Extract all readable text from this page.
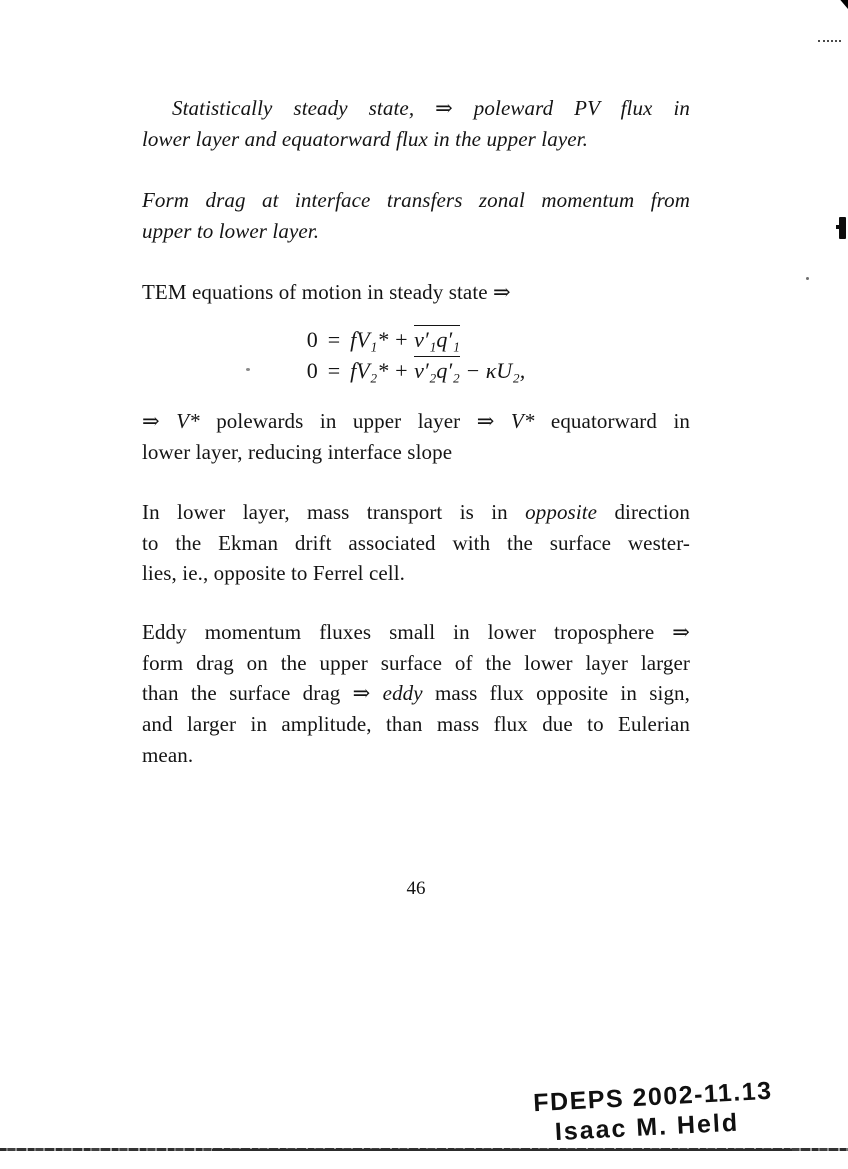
Statistically steady state, ⇒ poleward PV flux in
lower layer and equatorward flux in the upper layer.

Form drag at interface transfers zonal momentum from
upper to lower layer.

TEM equations of motion in steady state ⇒

0 = fV₁* + v′₁q′₁
0 = fV₂* + v′₂q′₂ − κU₂,

⇒ V* polewards in upper layer ⇒ V* equatorward in
lower layer, reducing interface slope

In lower layer, mass transport is in opposite direction
to the Ekman drift associated with the surface wester-
lies, ie., opposite to Ferrel cell.

Eddy momentum fluxes small in lower troposphere ⇒
form drag on the upper surface of the lower layer larger
than the surface drag ⇒ eddy mass flux opposite in sign,
and larger in amplitude, than mass flux due to Eulerian
mean.

46
FDEPS 2002-11.13
Isaac M. Held
